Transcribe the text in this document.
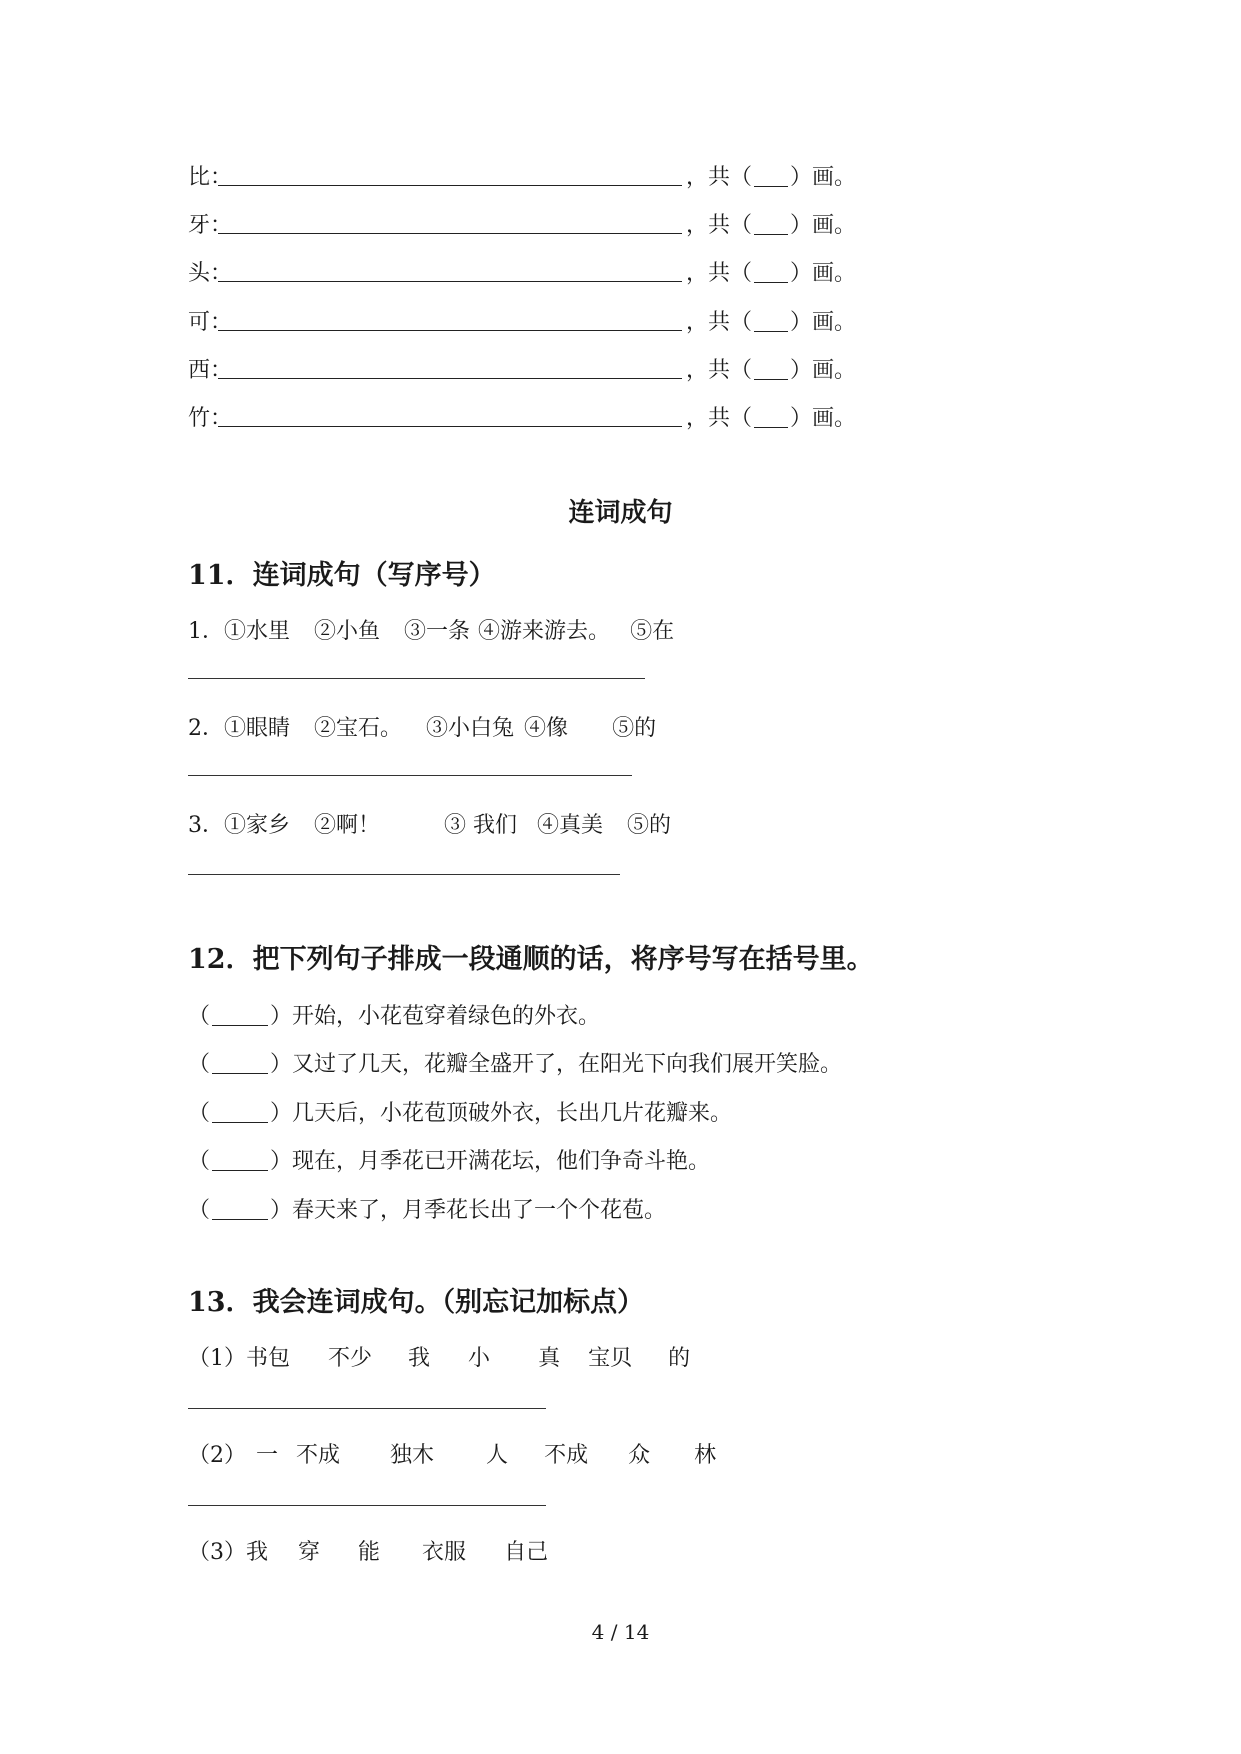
比：	，共（ ）画。
牙：	，共（ ）画。
头：	，共（ ）画。
可：	，共（ ）画。
西：	，共（ ）画。
竹：	，共（ ）画。
连词成句
11．连词成句（写序号）
1．①水里 ②小鱼 ③一条 ④游来游去。 ⑤在
2．①眼睛 ②宝石。 ③小白兔 ④像 ⑤的
3．①家乡 ②啊！	③ 我们 ④真美 ⑤的
12．把下列句子排成一段通顺的话，将序号写在括号里。
（	）开始，小花苞穿着绿色的外衣。
（	）又过了几天，花瓣全盛开了，在阳光下向我们展开笑脸。
（	）几天后，小花苞顶破外衣，长出几片花瓣来。
（	）现在，月季花已开满花坛，他们争奇斗艳。
（	）春天来了，月季花长出了一个个花苞。
13．我会连词成句。（别忘记加标点）
（1）书包 不少 我 小 真 宝贝 的
（2） 一 不成 独木 人 不成 众 林
（3）我 穿 能 衣服 自己
4 / 14
